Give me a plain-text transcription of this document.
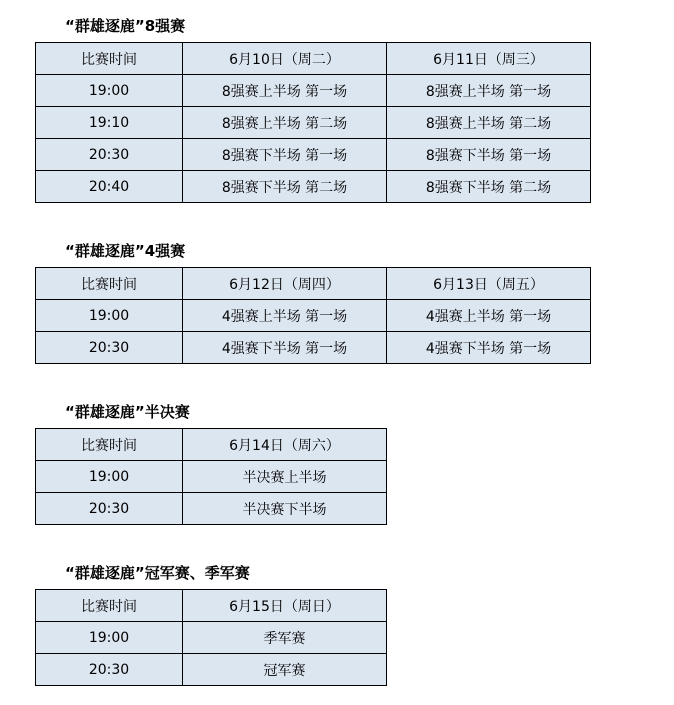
“群雄逐鹿”8强赛
比赛时间	6月10日（周二）	6月11日（周三）
19:00	8强赛上半场 第一场	8强赛上半场 第一场
19:10	8强赛上半场 第二场	8强赛上半场 第二场
20:30	8强赛下半场 第一场	8强赛下半场 第一场
20:40	8强赛下半场 第二场	8强赛下半场 第二场
“群雄逐鹿”4强赛
比赛时间	6月12日（周四）	6月13日（周五）
19:00	4强赛上半场 第一场	4强赛上半场 第一场
20:30	4强赛下半场 第一场	4强赛下半场 第一场
“群雄逐鹿”半决赛
比赛时间	6月14日（周六）
19:00	半决赛上半场
20:30	半决赛下半场
“群雄逐鹿”冠军赛、季军赛
比赛时间	6月15日（周日）
19:00	季军赛
20:30	冠军赛
